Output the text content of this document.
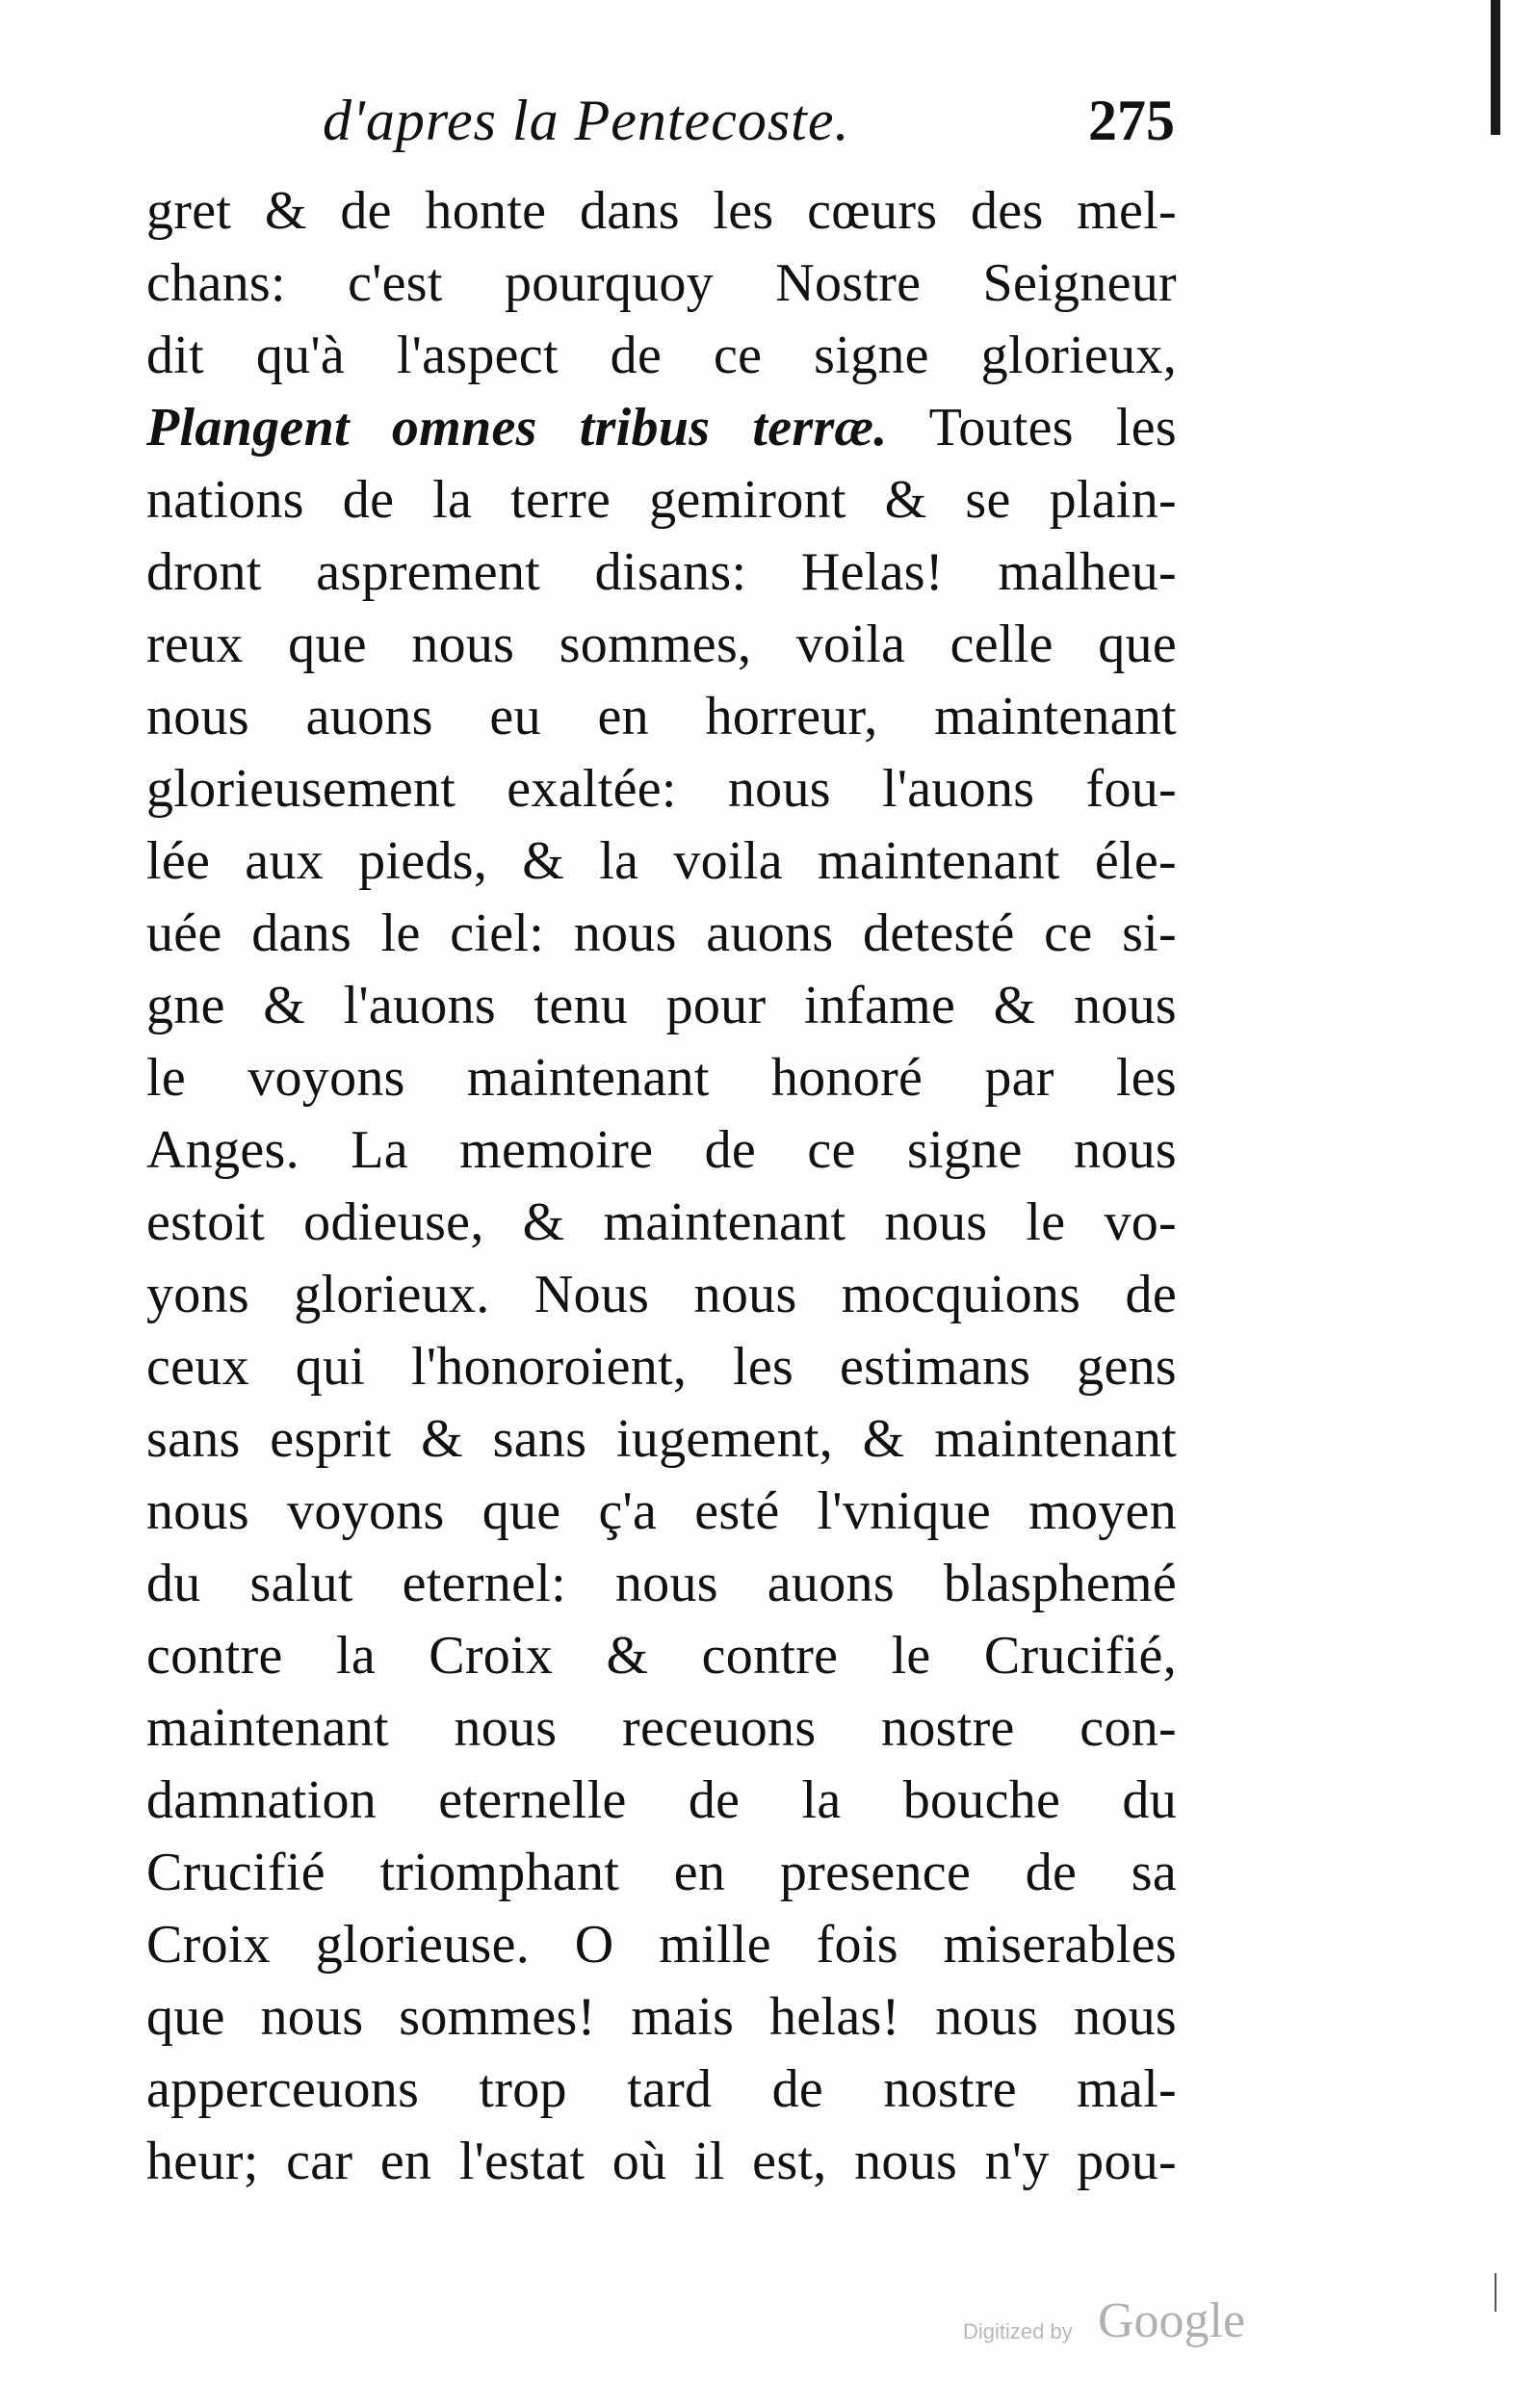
d'apres la Pentecoste.	275
gret & de honte dans les cœurs des mel-
chans: c'est pourquoy Nostre Seigneur
dit qu'à l'aspect de ce signe glorieux,
Plangent omnes tribus terræ. Toutes les
nations de la terre gemiront & se plain-
dront asprement disans: Helas! malheu-
reux que nous sommes, voila celle que
nous auons eu en horreur, maintenant
glorieusement exaltée: nous l'auons fou-
lée aux pieds, & la voila maintenant éle-
uée dans le ciel: nous auons detesté ce si-
gne & l'auons tenu pour infame & nous
le voyons maintenant honoré par les
Anges. La memoire de ce signe nous
estoit odieuse, & maintenant nous le vo-
yons glorieux. Nous nous mocquions de
ceux qui l'honoroient, les estimans gens
sans esprit & sans iugement, & maintenant
nous voyons que ç'a esté l'vnique moyen
du salut eternel: nous auons blasphemé
contre la Croix & contre le Crucifié,
maintenant nous receuons nostre con-
damnation eternelle de la bouche du
Crucifié triomphant en presence de sa
Croix glorieuse. O mille fois miserables
que nous sommes! mais helas! nous nous
apperceuons trop tard de nostre mal-
heur; car en l'estat où il est, nous n'y pou-
Digitized by Google
